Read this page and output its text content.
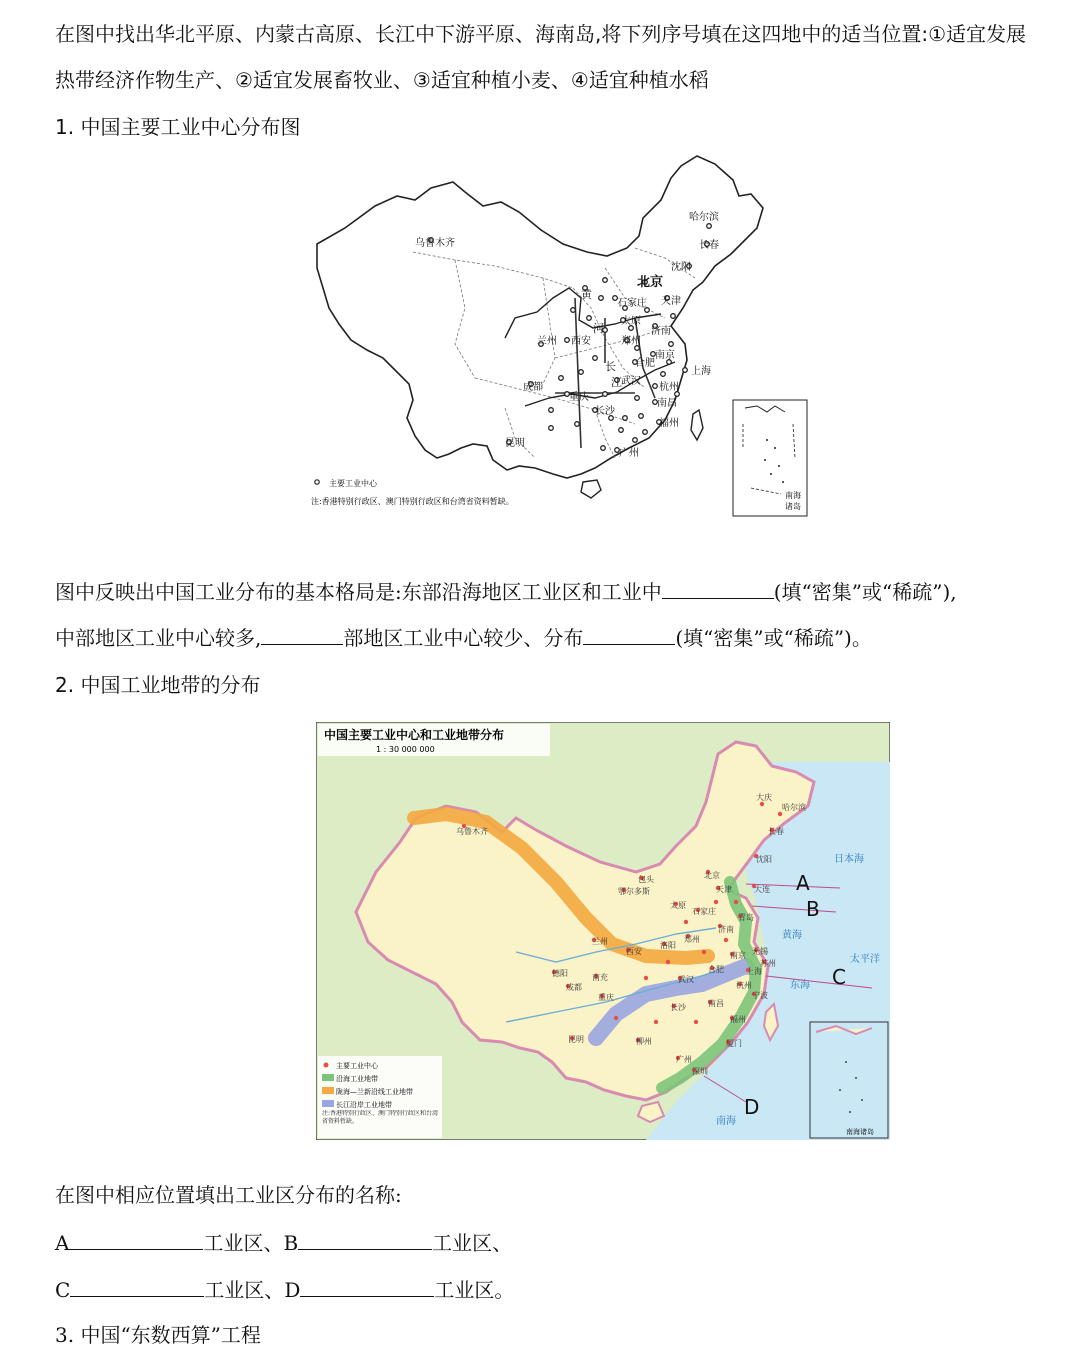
在图中找出华北平原、内蒙古高原、长江中下游平原、海南岛,将下列序号填在这四地中的适当位置:①适宜发展
热带经济作物生产、②适宜发展畜牧业、③适宜种植小麦、④适宜种植水稻
1. 中国主要工业中心分布图
乌鲁木齐
哈尔滨
长春
沈阳
北京
天津
石家庄
济南
郑州
太原
兰州 西安
成都
重庆
武汉
合肥
南京
上海
杭州
南昌
长沙
福州
广州
昆明
黄
河
长
江
主要工业中心
注:香港特别行政区、澳门特别行政区和台湾省资料暂缺。
南海
诸岛
图中反映出中国工业分布的基本格局是:东部沿海地区工业区和工业中	(填“密集”或“稀疏”),
中部地区工业中心较多,	部地区工业中心较少、分布	(填“密集”或“稀疏”)。
2. 中国工业地带的分布
中国主要工业中心和工业地带分布
1 : 30 000 000
乌鲁木齐
哈尔滨
大庆
长春
沈阳
大连
北京
天津
包头
鄂尔多斯
太原
石家庄
济南
青岛
郑州
洛阳
西安
兰州
南京
上海
无锡
苏州
杭州
宁波
合肥
武汉
重庆
成都
德阳	南充
南昌
长沙
福州
厦门
广州
深圳
柳州
昆明
日本海
黄海
东海
南海
太平洋
A
B
C
D
主要工业中心
沿海工业地带
陇海—兰新沿线工业地带
长江沿岸工业地带
注:香港特别行政区、澳门特别行政区和台湾省资料暂缺。
南海诸岛
在图中相应位置填出工业区分布的名称:
A	工业区、B	工业区、
C	工业区、D	工业区。
3. 中国“东数西算”工程
